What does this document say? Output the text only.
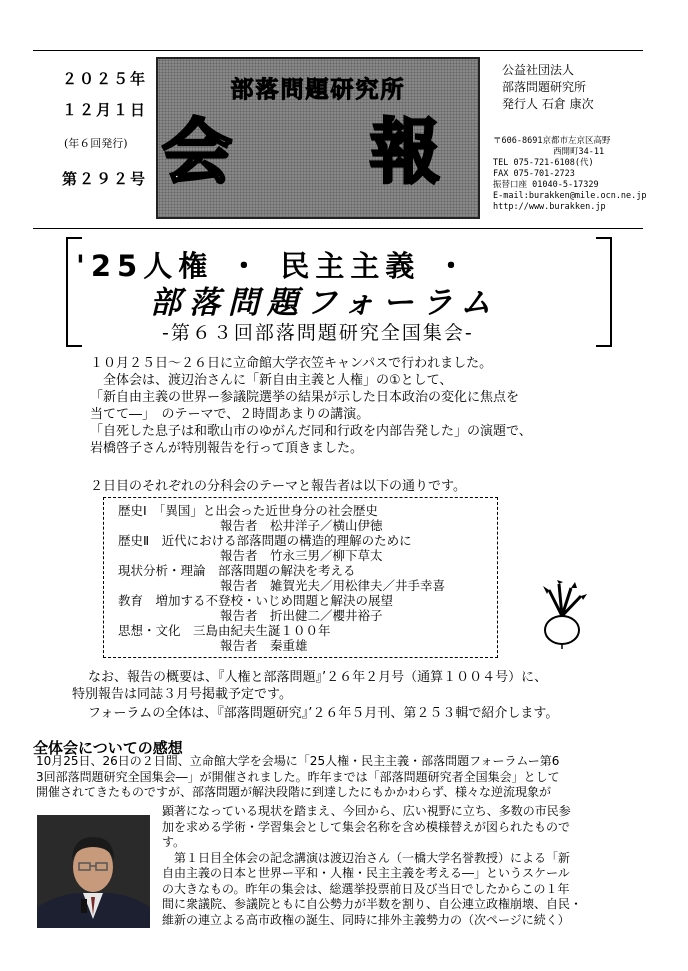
２０２５年
１２月１日
(年６回発行)
第２９２号
部落問題研究所
会　報
公益社団法人
部落問題研究所
発行人 石倉 康次
〒606-8691京都市左京区高野
西開町34-11
TEL 075-721-6108(代)
FAX 075-701-2723
振替口座 01040-5-17329
E-mail:burakken@mile.ocn.ne.jp
http://www.burakken.jp
'25人権 ・ 民主主義 ・
部落問題フォーラム
-第６３回部落問題研究全国集会-
１０月２５日～２６日に立命館大学衣笠キャンパスで行われました。
全体会は、渡辺治さんに「新自由主義と人権」の①として、
「新自由主義の世界ー参議院選挙の結果が示した日本政治の変化に焦点を
当てて―」　のテーマで、２時間あまりの講演。
「自死した息子は和歌山市のゆがんだ同和行政を内部告発した」の演題で、
岩橋啓子さんが特別報告を行って頂きました。
２日目のそれぞれの分科会のテーマと報告者は以下の通りです。
歴史Ⅰ　「異国」と出会った近世身分の社会歴史
報告者　松井洋子／横山伊徳
歴史Ⅱ　近代における部落問題の構造的理解のために
報告者　竹永三男／柳下草太
現状分析・理論　部落問題の解決を考える
報告者　雑賀光夫／用松律夫／井手幸喜
教育　増加する不登校・いじめ問題と解決の展望
報告者　折出健二／櫻井裕子
思想・文化　三島由紀夫生誕１００年
報告者　秦重雄
なお、報告の概要は、『人権と部落問題』’２６年２月号（通算１００４号）に、
特別報告は同誌３月号掲載予定です。
フォーラムの全体は、『部落問題研究』’２６年５月刊、第２５３輯で紹介します。
全体会についての感想
10月25日、26日の２日間、立命館大学を会場に「25人権・民主主義・部落問題フォーラムー第6
3回部落問題研究全国集会―」が開催されました。昨年までは「部落問題研究者全国集会」として
開催されてきたものですが、部落問題が解決段階に到達したにもかかわらず、様々な逆流現象が
顕著になっている現状を踏まえ、今回から、広い視野に立ち、多数の市民参
加を求める学術・学習集会として集会名称を含め模様替えが図られたもので
す。
　第１日目全体会の記念講演は渡辺治さん（一橋大学名誉教授）による「新
自由主義の日本と世界ー平和・人権・民主主義を考える―」というスケール
の大きなもの。昨年の集会は、総選挙投票前日及び当日でしたからこの１年
間に衆議院、参議院ともに自公勢力が半数を割り、自公連立政権崩壊、自民・
維新の連立よる高市政権の誕生、同時に排外主義勢力の（次ページに続く）
